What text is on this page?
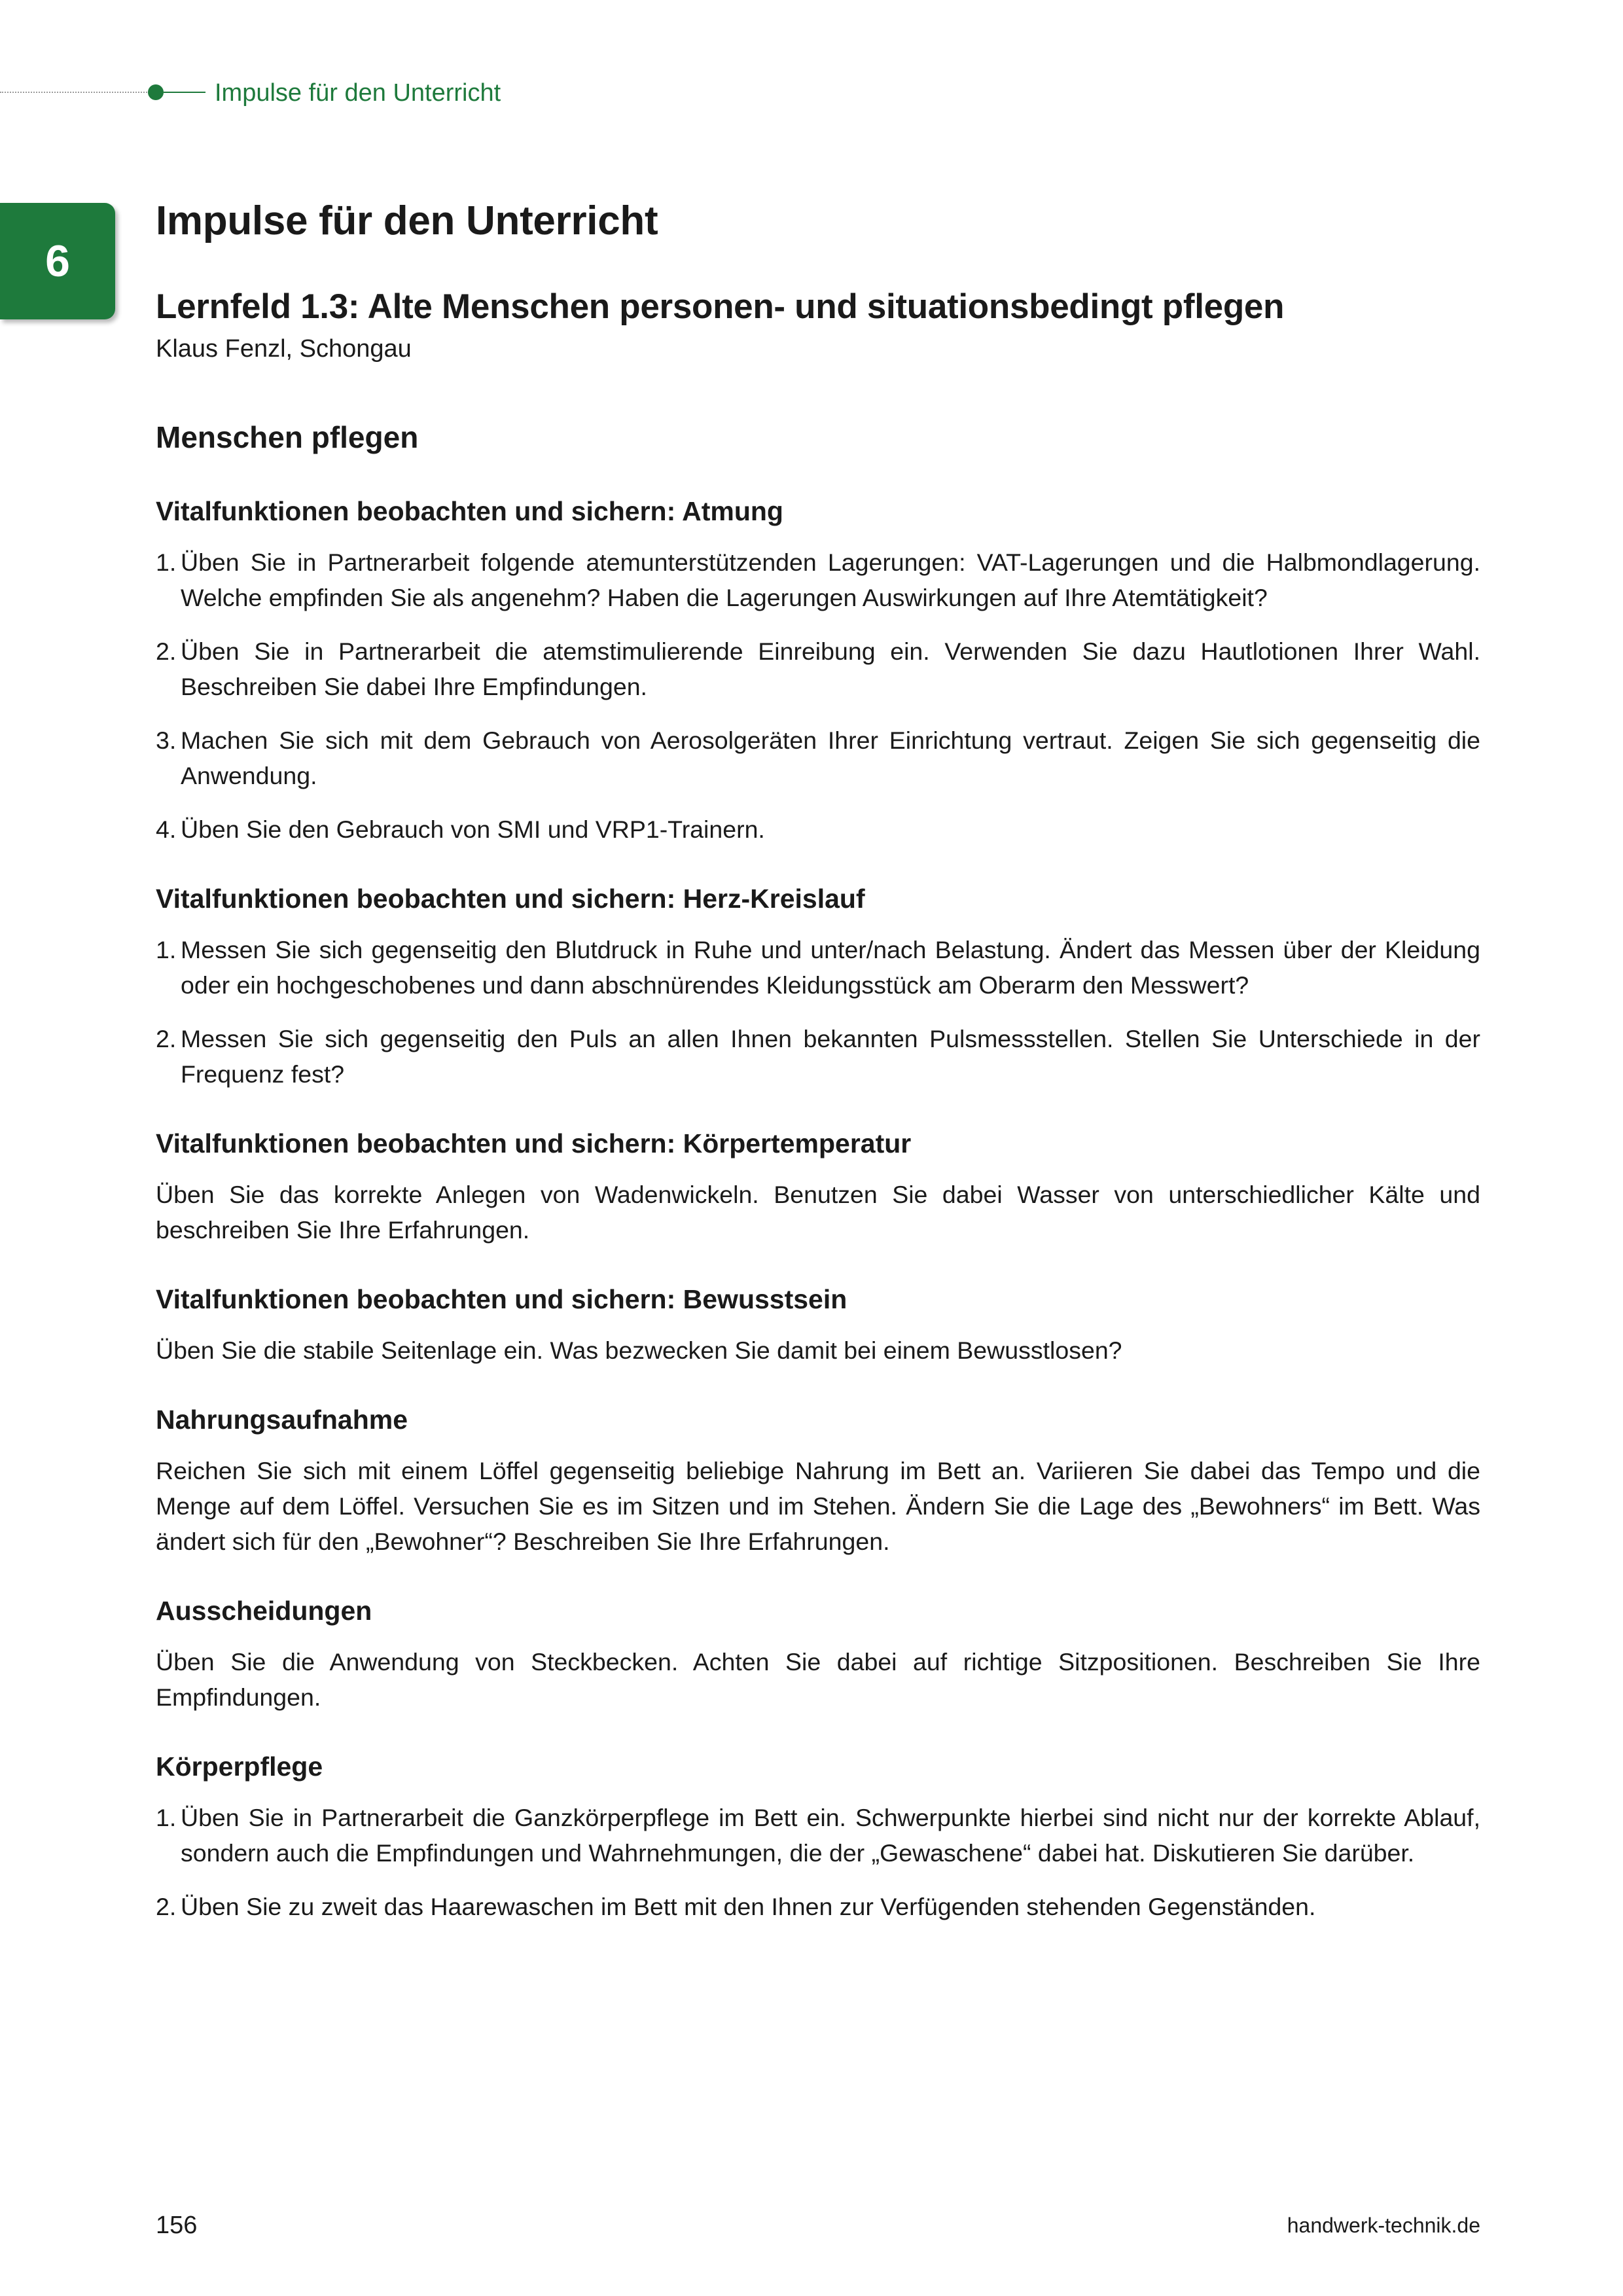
Impulse für den Unterricht
6
Impulse für den Unterricht
Lernfeld 1.3: Alte Menschen personen- und situationsbedingt pflegen

Klaus Fenzl, Schongau

Menschen pflegen
Vitalfunktionen beobachten und sichern: Atmung
1. Üben Sie in Partnerarbeit folgende atemunterstützenden Lagerungen: VAT-Lagerungen und die Halbmondlagerung. Welche empfinden Sie als angenehm? Haben die Lagerungen Auswirkungen auf Ihre Atemtätigkeit?
2. Üben Sie in Partnerarbeit die atemstimulierende Einreibung ein. Verwenden Sie dazu Hautlotionen Ihrer Wahl. Beschreiben Sie dabei Ihre Empfindungen.
3. Machen Sie sich mit dem Gebrauch von Aerosolgeräten Ihrer Einrichtung vertraut. Zeigen Sie sich gegenseitig die Anwendung.
4. Üben Sie den Gebrauch von SMI und VRP1-Trainern.
Vitalfunktionen beobachten und sichern: Herz-Kreislauf
1. Messen Sie sich gegenseitig den Blutdruck in Ruhe und unter/nach Belastung. Ändert das Messen über der Kleidung oder ein hochgeschobenes und dann abschnürendes Kleidungsstück am Oberarm den Messwert?
2. Messen Sie sich gegenseitig den Puls an allen Ihnen bekannten Pulsmessstellen. Stellen Sie Unterschiede in der Frequenz fest?
Vitalfunktionen beobachten und sichern: Körpertemperatur

Üben Sie das korrekte Anlegen von Wadenwickeln. Benutzen Sie dabei Wasser von unterschiedlicher Kälte und beschreiben Sie Ihre Erfahrungen.

Vitalfunktionen beobachten und sichern: Bewusstsein

Üben Sie die stabile Seitenlage ein. Was bezwecken Sie damit bei einem Bewusstlosen?

Nahrungsaufnahme

Reichen Sie sich mit einem Löffel gegenseitig beliebige Nahrung im Bett an. Variieren Sie dabei das Tempo und die Menge auf dem Löffel. Versuchen Sie es im Sitzen und im Stehen. Ändern Sie die Lage des „Bewohners“ im Bett. Was ändert sich für den „Bewohner“? Beschreiben Sie Ihre Erfahrungen.

Ausscheidungen

Üben Sie die Anwendung von Steckbecken. Achten Sie dabei auf richtige Sitzpositionen. Beschreiben Sie Ihre Empfindungen.

Körperpflege
1. Üben Sie in Partnerarbeit die Ganzkörperpflege im Bett ein. Schwerpunkte hierbei sind nicht nur der korrekte Ablauf, sondern auch die Empfindungen und Wahrnehmungen, die der „Gewaschene“ dabei hat. Diskutieren Sie darüber.
2. Üben Sie zu zweit das Haarewaschen im Bett mit den Ihnen zur Verfügenden stehenden Gegenständen.
156	handwerk-technik.de
